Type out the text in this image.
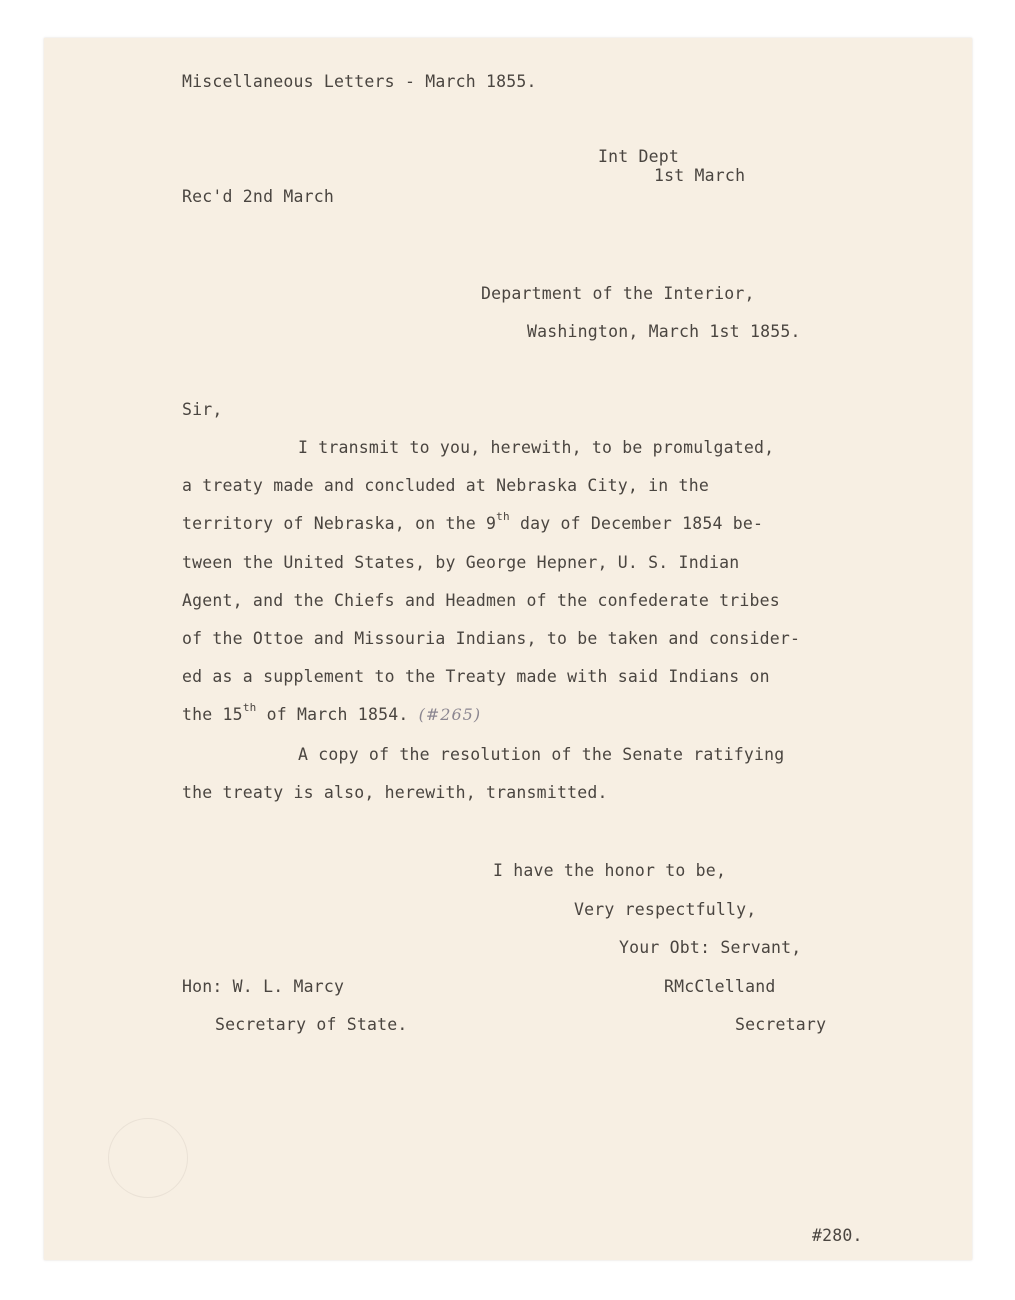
Miscellaneous Letters - March 1855.
Int Dept
1st March
Rec'd 2nd March
Department of the Interior,
Washington, March 1st 1855.
Sir,
I transmit to you, herewith, to be promulgated,
a treaty made and concluded at Nebraska City, in the
territory of Nebraska, on the 9th day of December 1854 be-
tween the United States, by George Hepner, U. S. Indian
Agent, and the Chiefs and Headmen of the confederate tribes
of the Ottoe and Missouria Indians, to be taken and consider-
ed as a supplement to the Treaty made with said Indians on
the 15th of March 1854. (#265)
A copy of the resolution of the Senate ratifying
the treaty is also, herewith, transmitted.
I have the honor to be,
Very respectfully,
Your Obt: Servant,
Hon: W. L. Marcy	RMcClelland
Secretary of State.	Secretary
#280.
